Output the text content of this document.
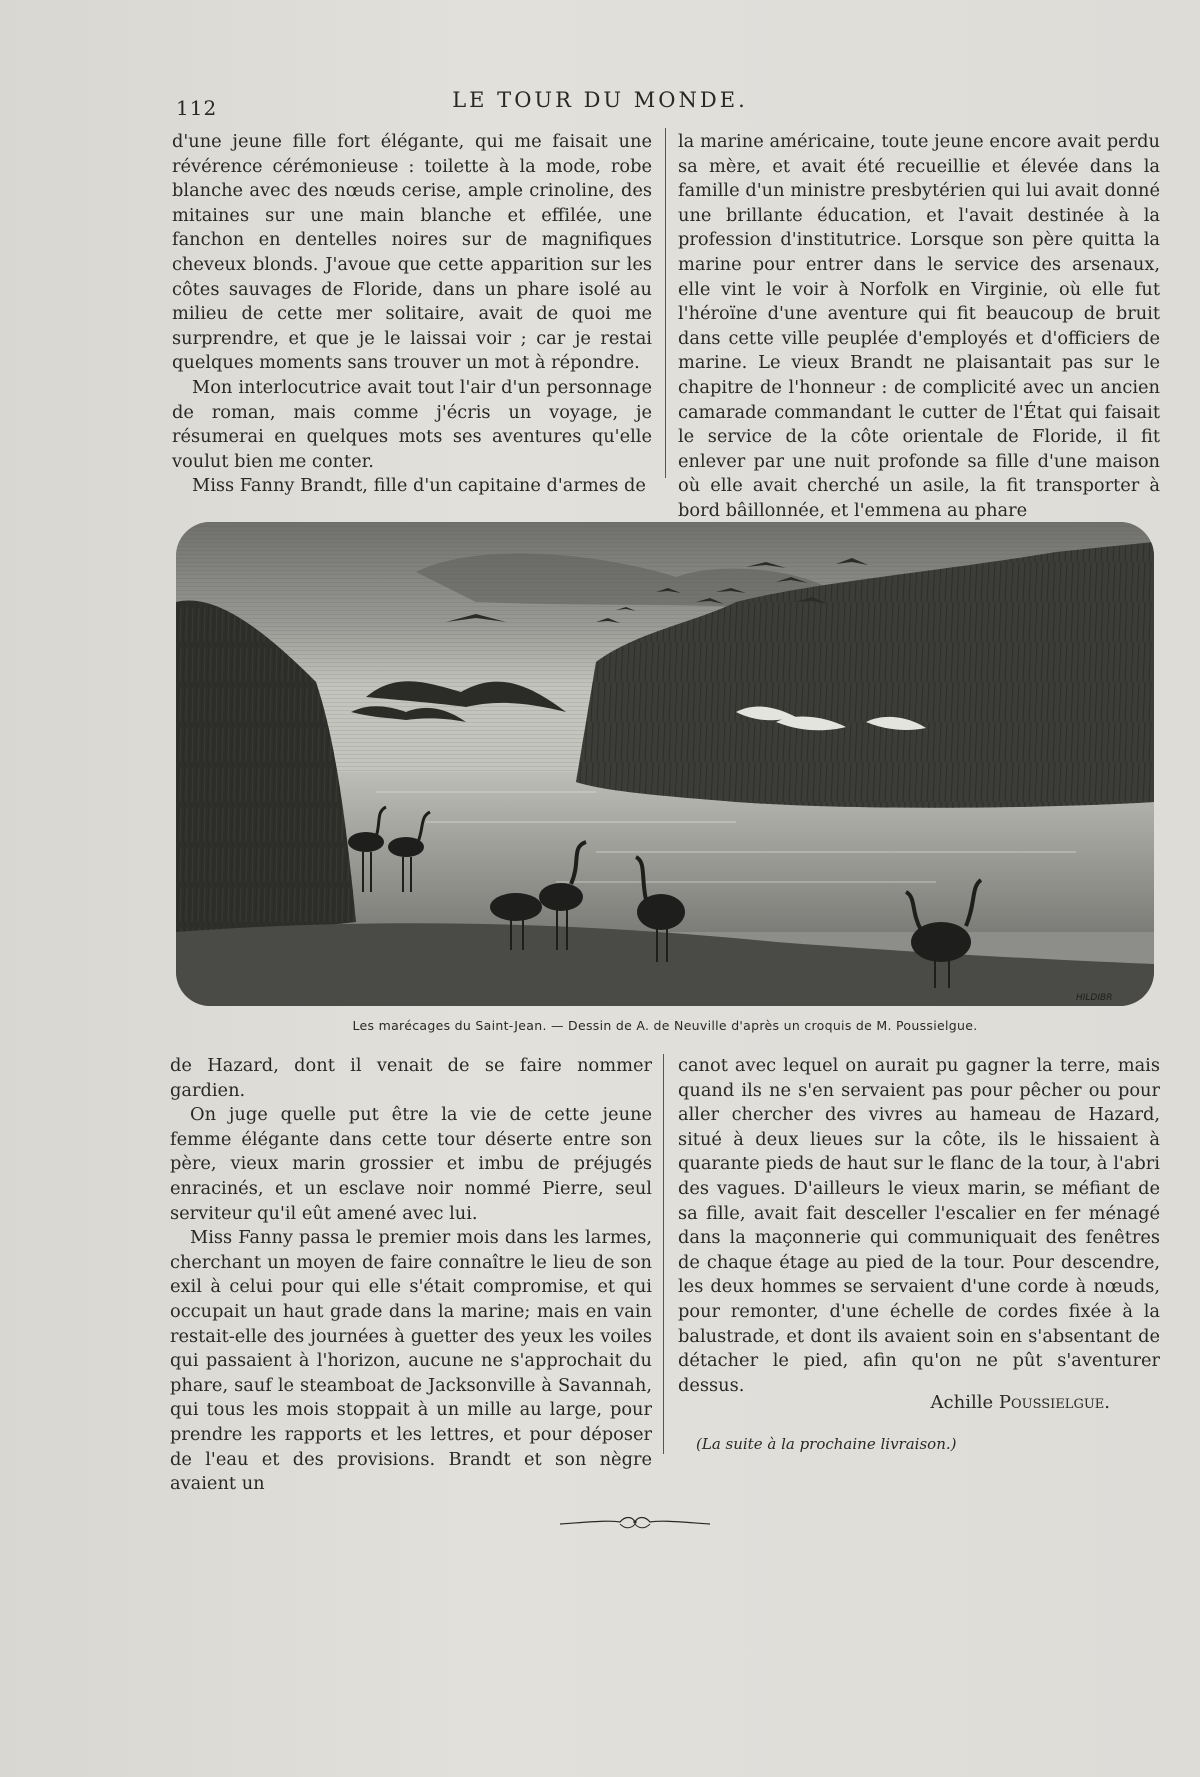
112	LE TOUR DU MONDE.

d'une jeune fille fort élégante, qui me faisait une révérence cérémonieuse : toilette à la mode, robe blanche avec des nœuds cerise, ample crinoline, des mitaines sur une main blanche et effilée, une fanchon en dentelles noires sur de magnifiques cheveux blonds. J'avoue que cette apparition sur les côtes sauvages de Floride, dans un phare isolé au milieu de cette mer solitaire, avait de quoi me surprendre, et que je le laissai voir ; car je restai quelques moments sans trouver un mot à répondre.

Mon interlocutrice avait tout l'air d'un personnage de roman, mais comme j'écris un voyage, je résumerai en quelques mots ses aventures qu'elle voulut bien me conter.

Miss Fanny Brandt, fille d'un capitaine d'armes de

la marine américaine, toute jeune encore avait perdu sa mère, et avait été recueillie et élevée dans la famille d'un ministre presbytérien qui lui avait donné une brillante éducation, et l'avait destinée à la profession d'institutrice. Lorsque son père quitta la marine pour entrer dans le service des arsenaux, elle vint le voir à Norfolk en Virginie, où elle fut l'héroïne d'une aventure qui fit beaucoup de bruit dans cette ville peuplée d'employés et d'officiers de marine. Le vieux Brandt ne plaisantait pas sur le chapitre de l'honneur : de complicité avec un ancien camarade commandant le cutter de l'État qui faisait le service de la côte orientale de Floride, il fit enlever par une nuit profonde sa fille d'une maison où elle avait cherché un asile, la fit transporter à bord bâillonnée, et l'emmena au phare

HILDIBR
Les marécages du Saint-Jean. — Dessin de A. de Neuville d'après un croquis de M. Poussielgue.

de Hazard, dont il venait de se faire nommer gardien.

On juge quelle put être la vie de cette jeune femme élégante dans cette tour déserte entre son père, vieux marin grossier et imbu de préjugés enracinés, et un esclave noir nommé Pierre, seul serviteur qu'il eût amené avec lui.

Miss Fanny passa le premier mois dans les larmes, cherchant un moyen de faire connaître le lieu de son exil à celui pour qui elle s'était compromise, et qui occupait un haut grade dans la marine; mais en vain restait-elle des journées à guetter des yeux les voiles qui passaient à l'horizon, aucune ne s'approchait du phare, sauf le steamboat de Jacksonville à Savannah, qui tous les mois stoppait à un mille au large, pour prendre les rapports et les lettres, et pour déposer de l'eau et des provisions. Brandt et son nègre avaient un

canot avec lequel on aurait pu gagner la terre, mais quand ils ne s'en servaient pas pour pêcher ou pour aller chercher des vivres au hameau de Hazard, situé à deux lieues sur la côte, ils le hissaient à quarante pieds de haut sur le flanc de la tour, à l'abri des vagues. D'ailleurs le vieux marin, se méfiant de sa fille, avait fait desceller l'escalier en fer ménagé dans la maçonnerie qui communiquait des fenêtres de chaque étage au pied de la tour. Pour descendre, les deux hommes se servaient d'une corde à nœuds, pour remonter, d'une échelle de cordes fixée à la balustrade, et dont ils avaient soin en s'absentant de détacher le pied, afin qu'on ne pût s'aventurer dessus.

Achille Poussielgue.
(La suite à la prochaine livraison.)
